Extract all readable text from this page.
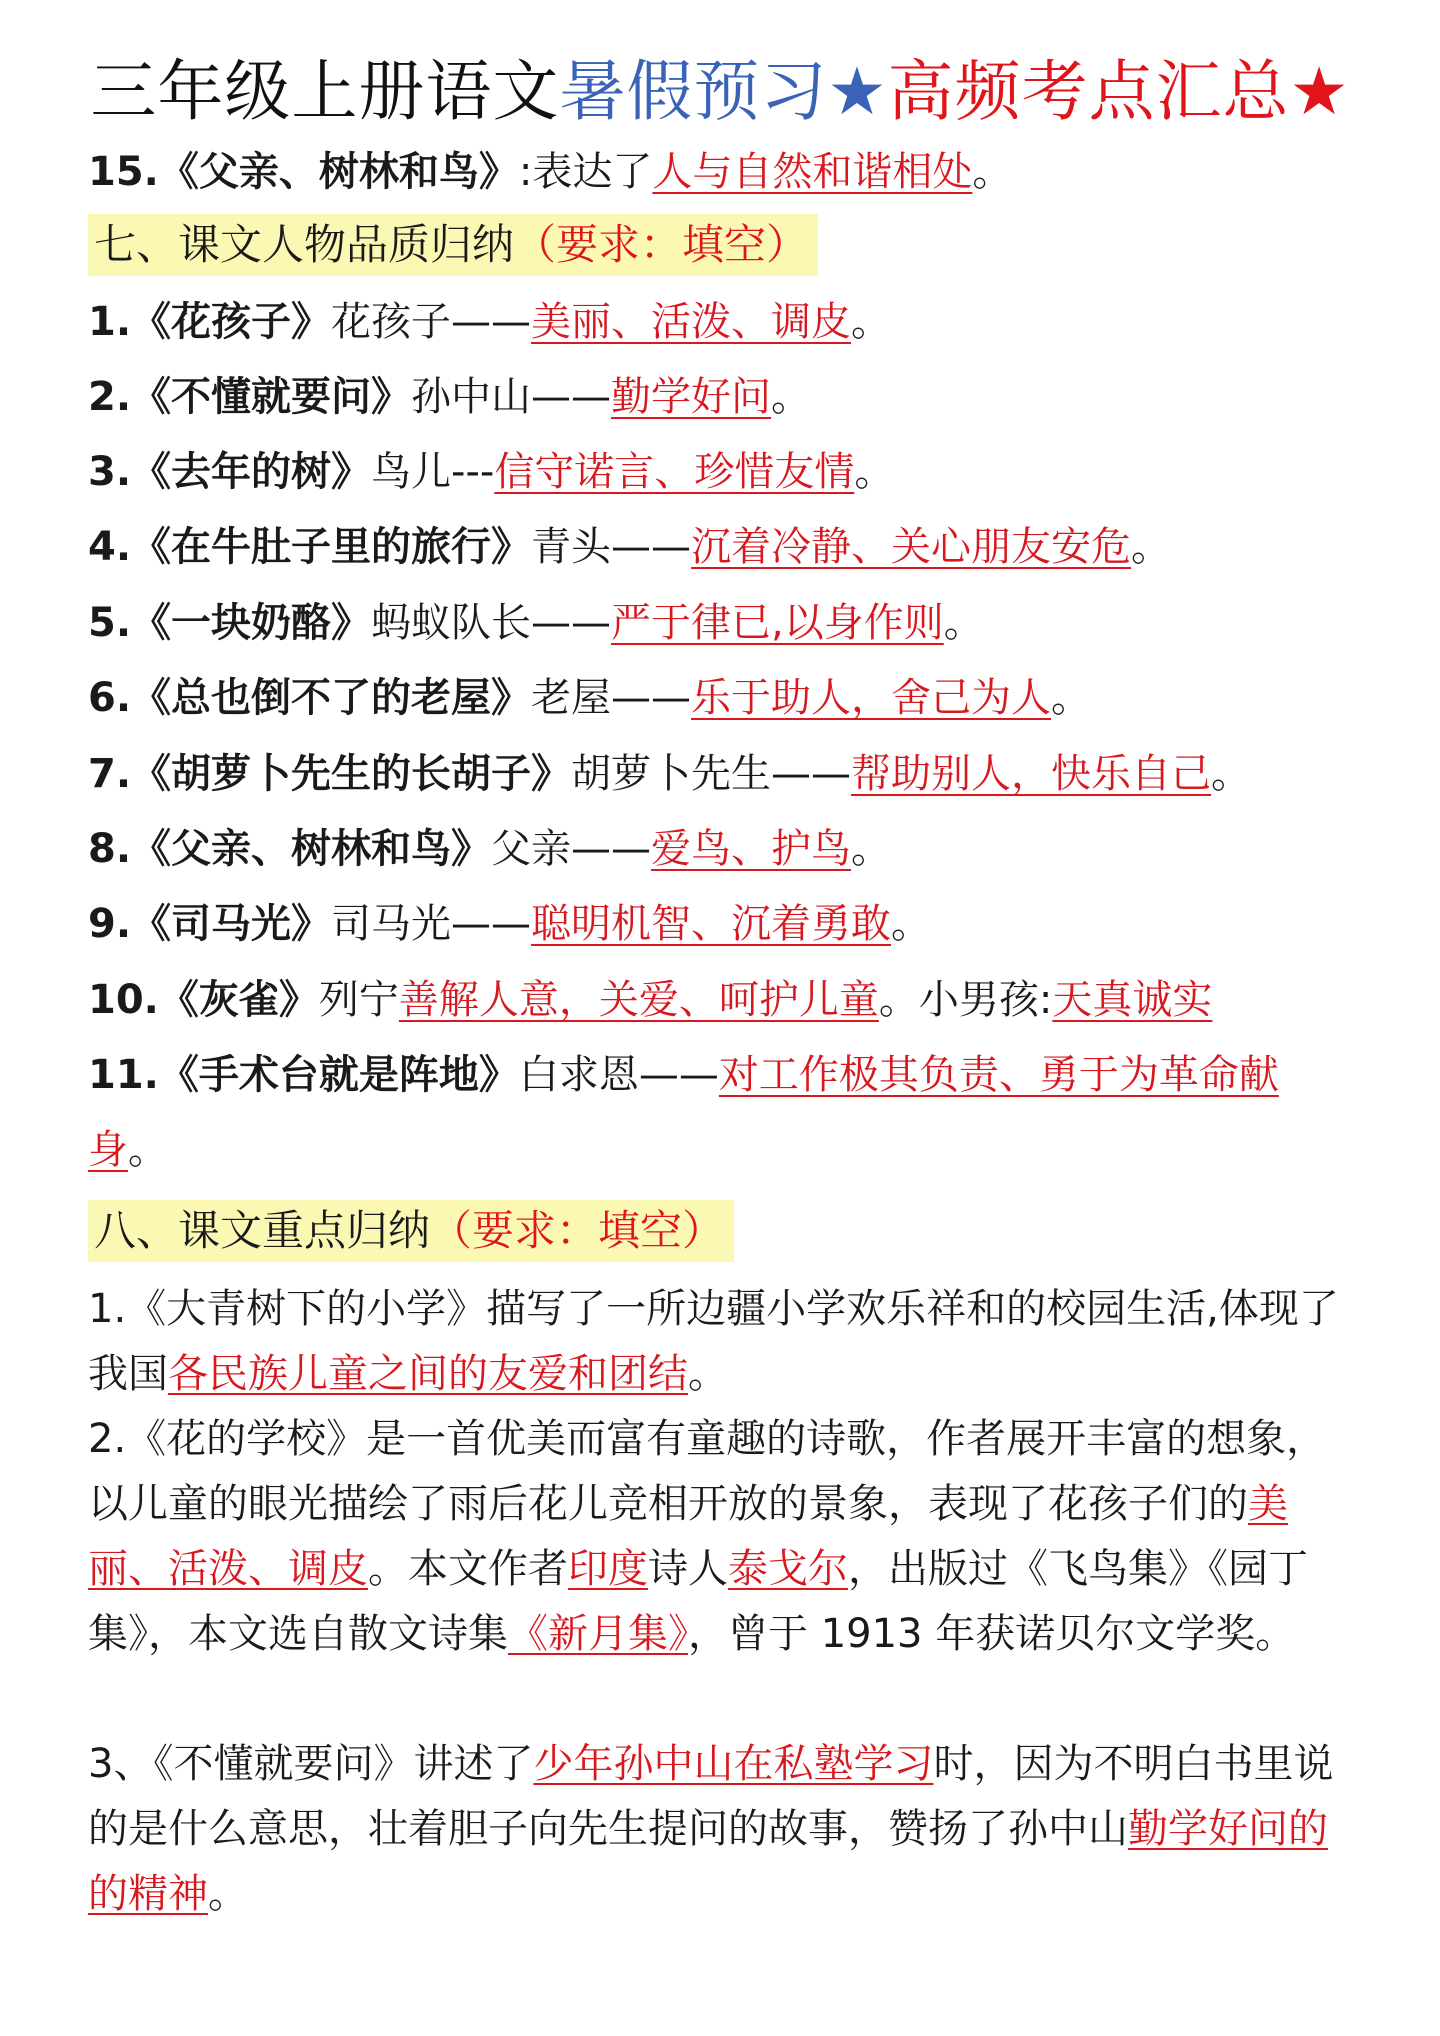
三年级上册语文暑假预习★高频考点汇总★
15.《父亲、树林和鸟》:表达了人与自然和谐相处。
七、课文人物品质归纳（要求：填空）
1.《花孩子》花孩子——美丽、活泼、调皮。
2.《不懂就要问》孙中山——勤学好问。
3.《去年的树》鸟儿---信守诺言、珍惜友情。
4.《在牛肚子里的旅行》青头——沉着冷静、关心朋友安危。
5.《一块奶酪》蚂蚁队长——严于律已,以身作则。
6.《总也倒不了的老屋》老屋——乐于助人，舍己为人。
7.《胡萝卜先生的长胡子》胡萝卜先生——帮助别人，快乐自己。
8.《父亲、树林和鸟》父亲——爱鸟、护鸟。
9.《司马光》司马光——聪明机智、沉着勇敢。
10.《灰雀》列宁善解人意，关爱、呵护儿童。小男孩:天真诚实
11.《手术台就是阵地》白求恩——对工作极其负责、勇于为革命献
身。
八、课文重点归纳（要求：填空）
1.《大青树下的小学》描写了一所边疆小学欢乐祥和的校园生活,体现了我国各民族儿童之间的友爱和团结。
2.《花的学校》是一首优美而富有童趣的诗歌，作者展开丰富的想象，以儿童的眼光描绘了雨后花儿竞相开放的景象，表现了花孩子们的美丽、活泼、调皮。本文作者印度诗人泰戈尔，出版过《飞鸟集》《园丁集》，本文选自散文诗集《新月集》，曾于 1913 年获诺贝尔文学奖。
3、《不懂就要问》讲述了少年孙中山在私塾学习时，因为不明白书里说的是什么意思，壮着胆子向先生提问的故事，赞扬了孙中山勤学好问的的精神。
